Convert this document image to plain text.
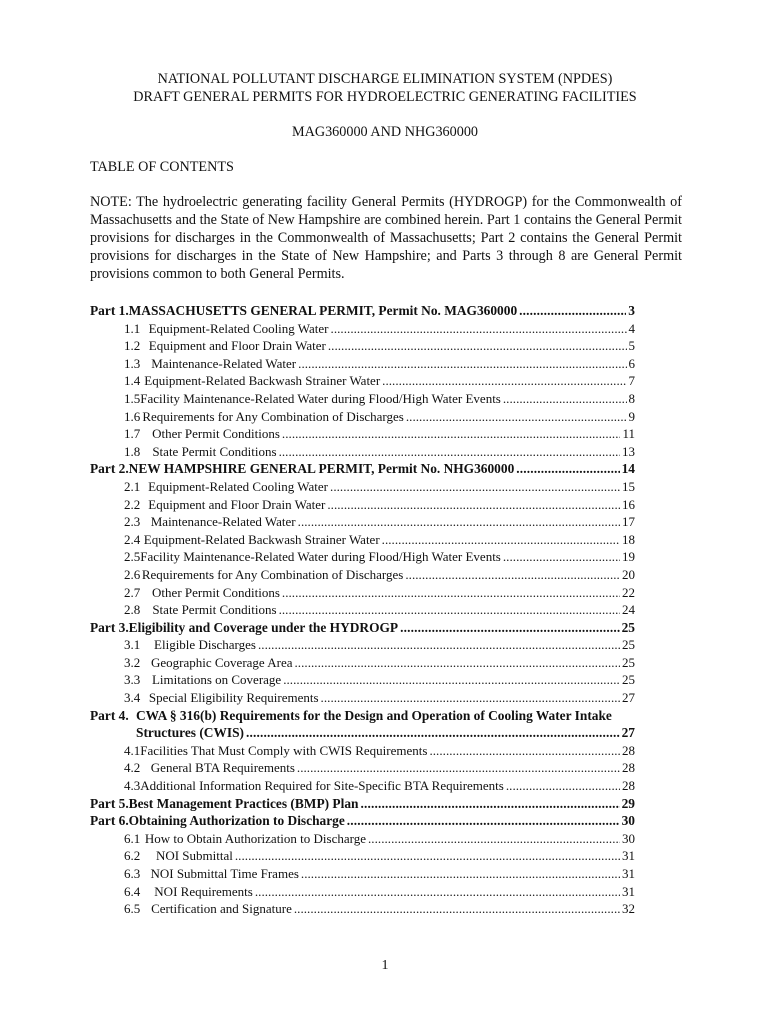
NATIONAL POLLUTANT DISCHARGE ELIMINATION SYSTEM (NPDES)
DRAFT GENERAL PERMITS FOR HYDROELECTRIC GENERATING FACILITIES
MAG360000 AND NHG360000
TABLE OF CONTENTS
NOTE: The hydroelectric generating facility General Permits (HYDROGP) for the Commonwealth of Massachusetts and the State of New Hampshire are combined herein. Part 1 contains the General Permit provisions for discharges in the Commonwealth of Massachusetts; Part 2 contains the General Permit provisions for discharges in the State of New Hampshire; and Parts 3 through 8 are General Permit provisions common to both General Permits.
Part 1. MASSACHUSETTS GENERAL PERMIT, Permit No. MAG360000 . . .	3
1.1 Equipment-Related Cooling Water . . .	4
1.2 Equipment and Floor Drain Water . . .	5
1.3 Maintenance-Related Water . . .	6
1.4 Equipment-Related Backwash Strainer Water . . .	7
1.5 Facility Maintenance-Related Water during Flood/High Water Events . . .	8
1.6 Requirements for Any Combination of Discharges . . .	9
1.7 Other Permit Conditions . . .	11
1.8 State Permit Conditions . . .	13
Part 2. NEW HAMPSHIRE GENERAL PERMIT, Permit No. NHG360000 . . .	14
2.1 Equipment-Related Cooling Water . . .	15
2.2 Equipment and Floor Drain Water . . .	16
2.3 Maintenance-Related Water . . .	17
2.4 Equipment-Related Backwash Strainer Water . . .	18
2.5 Facility Maintenance-Related Water during Flood/High Water Events . . .	19
2.6 Requirements for Any Combination of Discharges . . .	20
2.7 Other Permit Conditions . . .	22
2.8 State Permit Conditions . . .	24
Part 3. Eligibility and Coverage under the HYDROGP . . .	25
3.1	Eligible Discharges . . .	25
3.2 Geographic Coverage Area . . .	25
3.3 Limitations on Coverage . . .	25
3.4 Special Eligibility Requirements . . .	27
Part 4. CWA § 316(b) Requirements for the Design and Operation of Cooling Water Intake
Structures (CWIS) . . .	27
4.1 Facilities That Must Comply with CWIS Requirements . . .	28
4.2 General BTA Requirements . . .	28
4.3 Additional Information Required for Site-Specific BTA Requirements . . .	28
Part 5. Best Management Practices (BMP) Plan . . .	29
Part 6. Obtaining Authorization to Discharge . . .	30
6.1 How to Obtain Authorization to Discharge . . .	30
6.2	NOI Submittal . . .	31
6.3 NOI Submittal Time Frames . . .	31
6.4	NOI Requirements . . .	31
6.5 Certification and Signature . . .	32
1
